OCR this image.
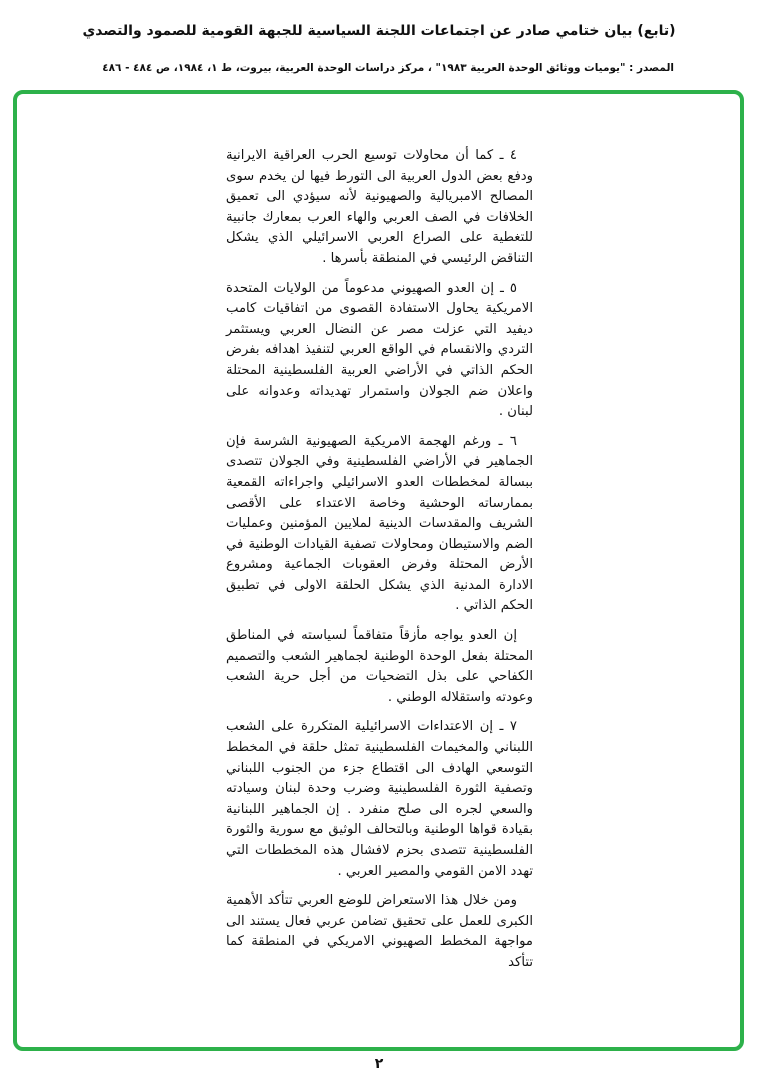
(تابع) بيان ختامي صادر عن اجتماعات اللجنة السياسية للجبهة القومية للصمود والتصدي
المصدر : "يوميات ووثائق الوحدة العربية ١٩٨٣" ، مركز دراسات الوحدة العربية، بيروت، ط ١، ١٩٨٤، ص ٤٨٤ - ٤٨٦

٤ ـ كما أن محاولات توسيع الحرب العراقية الايرانية ودفع بعض الدول العربية الى التورط فيها لن يخدم سوى المصالح الامبريالية والصهيونية لأنه سيؤدي الى تعميق الخلافات في الصف العربي والهاء العرب بمعارك جانبية للتغطية على الصراع العربي الاسرائيلي الذي يشكل التناقض الرئيسي في المنطقة بأسرها .

٥ ـ إن العدو الصهيوني مدعوماً من الولايات المتحدة الامريكية يحاول الاستفادة القصوى من اتفاقيات كامب ديفيد التي عزلت مصر عن النضال العربي ويستثمر التردي والانقسام في الواقع العربي لتنفيذ اهدافه بفرض الحكم الذاتي في الأراضي العربية الفلسطينية المحتلة واعلان ضم الجولان واستمرار تهديداته وعدوانه على لبنان .

٦ ـ ورغم الهجمة الامريكية الصهيونية الشرسة فإن الجماهير في الأراضي الفلسطينية وفي الجولان تتصدى ببسالة لمخططات العدو الاسرائيلي واجراءاته القمعية بممارساته الوحشية وخاصة الاعتداء على الأقصى الشريف والمقدسات الدينية لملايين المؤمنين وعمليات الضم والاستيطان ومحاولات تصفية القيادات الوطنية في الأرض المحتلة وفرض العقوبات الجماعية ومشروع الادارة المدنية الذي يشكل الحلقة الاولى في تطبيق الحكم الذاتي .

إن العدو يواجه مأزقاً متفاقماً لسياسته في المناطق المحتلة بفعل الوحدة الوطنية لجماهير الشعب والتصميم الكفاحي على بذل التضحيات من أجل حرية الشعب وعودته واستقلاله الوطني .

٧ ـ إن الاعتداءات الاسرائيلية المتكررة على الشعب اللبناني والمخيمات الفلسطينية تمثل حلقة في المخطط التوسعي الهادف الى اقتطاع جزء من الجنوب اللبناني وتصفية الثورة الفلسطينية وضرب وحدة لبنان وسيادته والسعي لجره الى صلح منفرد . إن الجماهير اللبنانية بقيادة قواها الوطنية وبالتحالف الوثيق مع سورية والثورة الفلسطينية تتصدى بحزم لافشال هذه المخططات التي تهدد الامن القومي والمصير العربي .

ومن خلال هذا الاستعراض للوضع العربي تتأكد الأهمية الكبرى للعمل على تحقيق تضامن عربي فعال يستند الى مواجهة المخطط الصهيوني الامريكي في المنطقة كما تتأكد

٢
